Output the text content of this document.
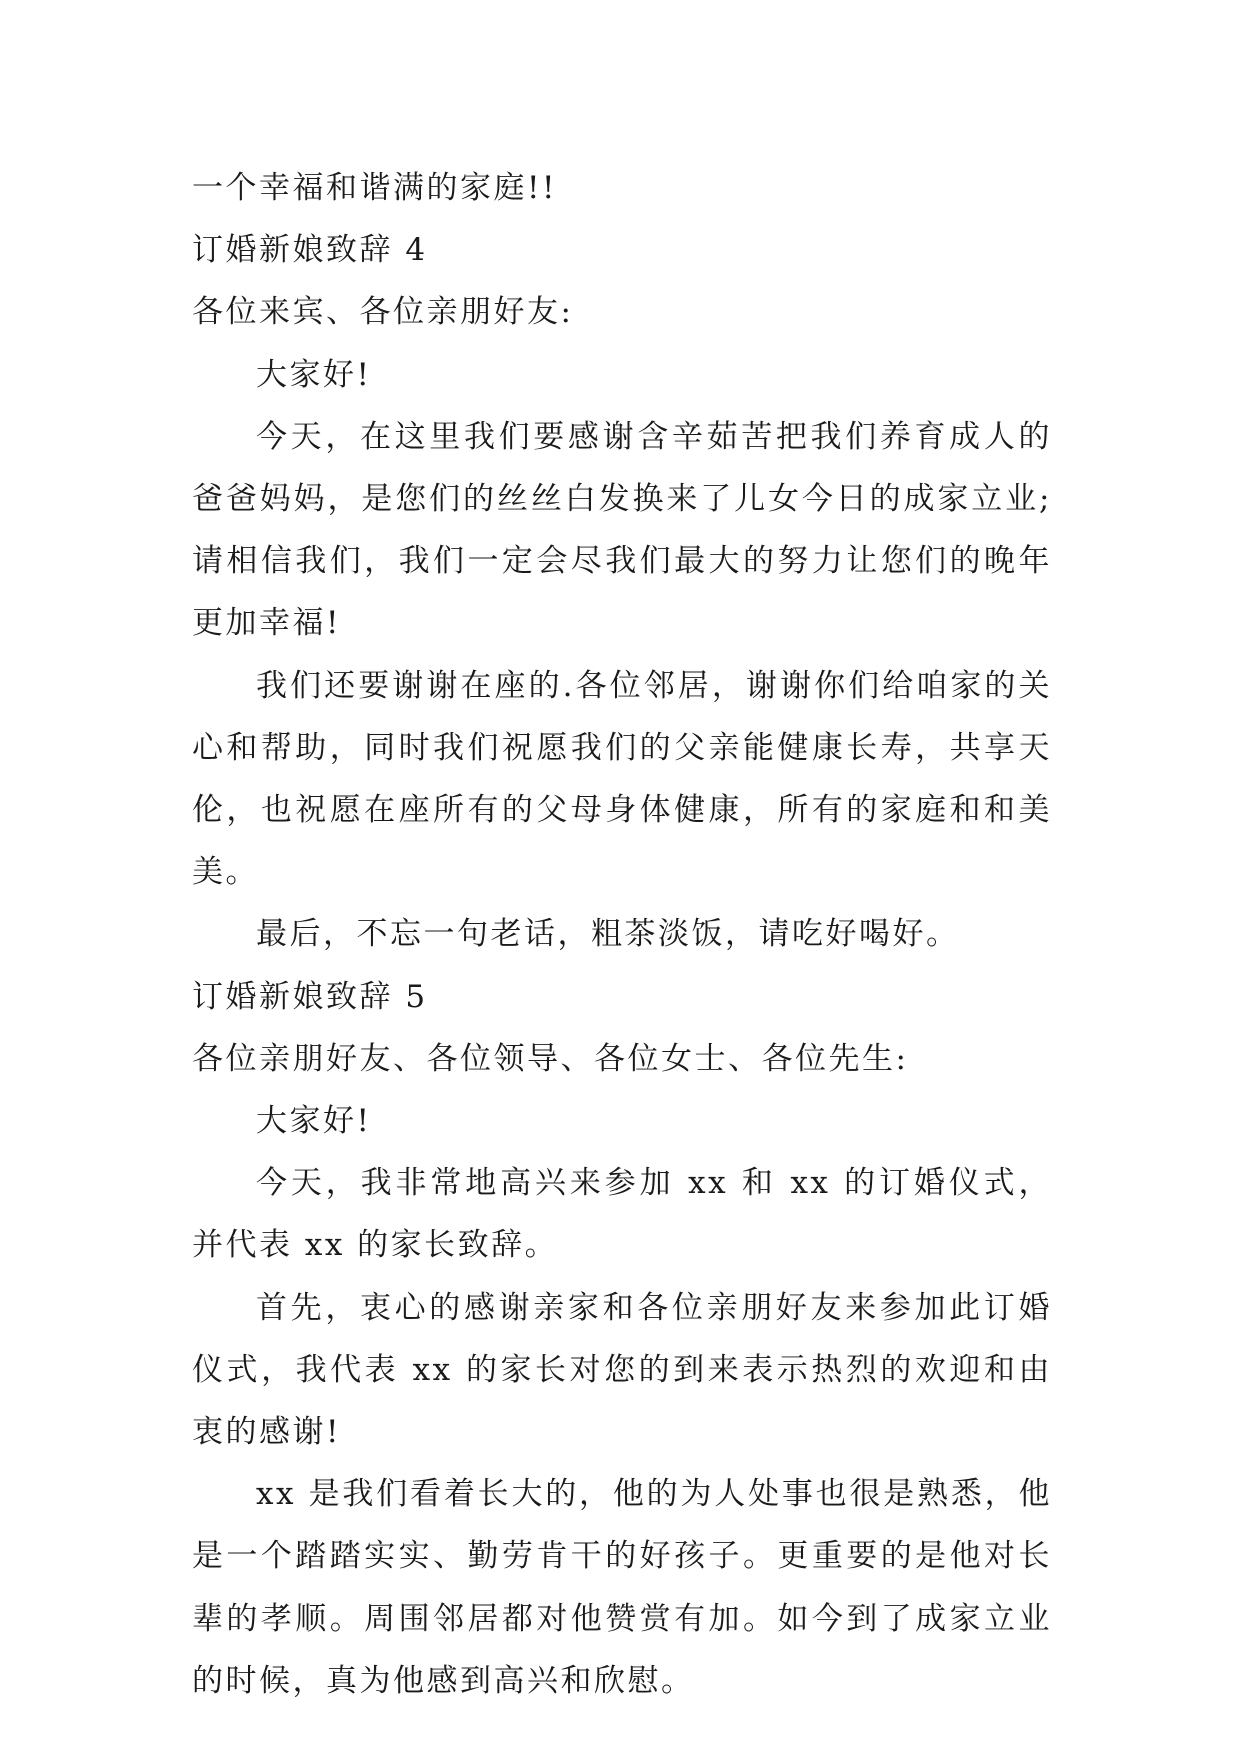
一个幸福和谐满的家庭!!

订婚新娘致辞 4

各位来宾、各位亲朋好友:

大家好!

今天，在这里我们要感谢含辛茹苦把我们养育成人的爸爸妈妈，是您们的丝丝白发换来了儿女今日的成家立业;请相信我们，我们一定会尽我们最大的努力让您们的晚年更加幸福!

我们还要谢谢在座的.各位邻居，谢谢你们给咱家的关心和帮助，同时我们祝愿我们的父亲能健康长寿，共享天伦，也祝愿在座所有的父母身体健康，所有的家庭和和美美。

最后，不忘一句老话，粗茶淡饭，请吃好喝好。

订婚新娘致辞 5

各位亲朋好友、各位领导、各位女士、各位先生:

大家好!

今天，我非常地高兴来参加 xx 和 xx 的订婚仪式，并代表 xx 的家长致辞。

首先，衷心的感谢亲家和各位亲朋好友来参加此订婚仪式，我代表 xx 的家长对您的到来表示热烈的欢迎和由衷的感谢!

xx 是我们看着长大的，他的为人处事也很是熟悉，他是一个踏踏实实、勤劳肯干的好孩子。更重要的是他对长辈的孝顺。周围邻居都对他赞赏有加。如今到了成家立业的时候，真为他感到高兴和欣慰。
